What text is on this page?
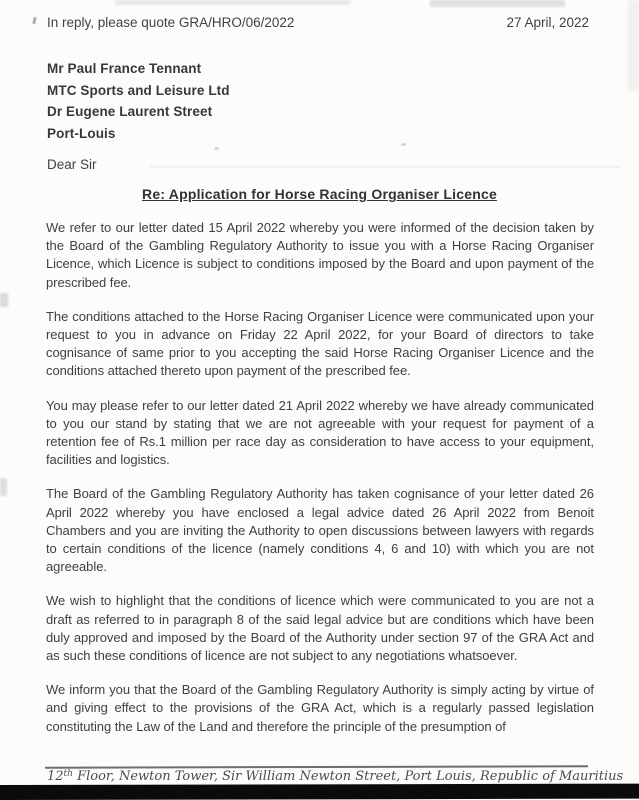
In reply, please quote GRA/HRO/06/2022	27 April, 2022
Mr Paul France Tennant
MTC Sports and Leisure Ltd
Dr Eugene Laurent Street
Port-Louis
Dear Sir
Re: Application for Horse Racing Organiser Licence

We refer to our letter dated 15 April 2022 whereby you were informed of the decision taken by the Board of the Gambling Regulatory Authority to issue you with a Horse Racing Organiser Licence, which Licence is subject to conditions imposed by the Board and upon payment of the prescribed fee.

The conditions attached to the Horse Racing Organiser Licence were communicated upon your request to you in advance on Friday 22 April 2022, for your Board of directors to take cognisance of same prior to you accepting the said Horse Racing Organiser Licence and the conditions attached thereto upon payment of the prescribed fee.

You may please refer to our letter dated 21 April 2022 whereby we have already communicated to you our stand by stating that we are not agreeable with your request for payment of a retention fee of Rs.1 million per race day as consideration to have access to your equipment, facilities and logistics.

The Board of the Gambling Regulatory Authority has taken cognisance of your letter dated 26 April 2022 whereby you have enclosed a legal advice dated 26 April 2022 from Benoit Chambers and you are inviting the Authority to open discussions between lawyers with regards to certain conditions of the licence (namely conditions 4, 6 and 10) with which you are not agreeable.

We wish to highlight that the conditions of licence which were communicated to you are not a draft as referred to in paragraph 8 of the said legal advice but are conditions which have been duly approved and imposed by the Board of the Authority under section 97 of the GRA Act and as such these conditions of licence are not subject to any negotiations whatsoever.

We inform you that the Board of the Gambling Regulatory Authority is simply acting by virtue of and giving effect to the provisions of the GRA Act, which is a regularly passed legislation constituting the Law of the Land and therefore the principle of the presumption of

12th Floor, Newton Tower, Sir William Newton Street, Port Louis, Republic of Mauritius
